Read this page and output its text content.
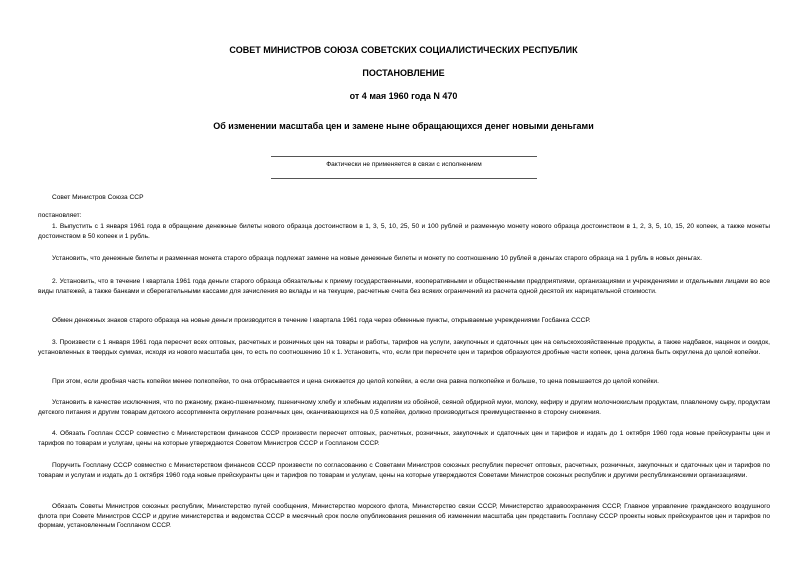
СОВЕТ МИНИСТРОВ СОЮЗА СОВЕТСКИХ СОЦИАЛИСТИЧЕСКИХ РЕСПУБЛИК
ПОСТАНОВЛЕНИЕ
от 4 мая 1960 года N 470
Об изменении масштаба цен и замене ныне обращающихся денег новыми деньгами
Фактически не применяется в связи с исполнением

Совет Министров Союза ССР

постановляет:

1. Выпустить с 1 января 1961 года в обращение денежные билеты нового образца достоинством в 1, 3, 5, 10, 25, 50 и 100 рублей и разменную монету нового образца достоинством в 1, 2, 3, 5, 10, 15, 20 копеек, а также монеты достоинством в 50 копеек и 1 рубль.

Установить, что денежные билеты и разменная монета старого образца подлежат замене на новые денежные билеты и монету по соотношению 10 рублей в деньгах старого образца на 1 рубль в новых деньгах.

2. Установить, что в течение I квартала 1961 года деньги старого образца обязательны к приему государственными, кооперативными и общественными предприятиями, организациями и учреждениями и отдельными лицами во все виды платежей, а также банками и сберегательными кассами для зачисления во вклады и на текущие, расчетные счета без всяких ограничений из расчета одной десятой их нарицательной стоимости.

Обмен денежных знаков старого образца на новые деньги производится в течение I квартала 1961 года через обменные пункты, открываемые учреждениями Госбанка СССР.

3. Произвести с 1 января 1961 года пересчет всех оптовых, расчетных и розничных цен на товары и работы, тарифов на услуги, закупочных и сдаточных цен на сельскохозяйственные продукты, а также надбавок, наценок и скидок, установленных в твердых суммах, исходя из нового масштаба цен, то есть по соотношению 10 к 1. Установить, что, если при пересчете цен и тарифов образуются дробные части копеек, цена должна быть округлена до целой копейки.

При этом, если дробная часть копейки менее полкопейки, то она отбрасывается и цена снижается до целой копейки, а если она равна полкопейке и больше, то цена повышается до целой копейки.

Установить в качестве исключения, что по ржаному, ржано-пшеничному, пшеничному хлебу и хлебным изделиям из обойной, сеяной обдирной муки, молоку, кефиру и другим молочнокислым продуктам, плавленому сыру, продуктам детского питания и другим товарам детского ассортимента округление розничных цен, оканчивающихся на 0,5 копейки, должно производиться преимущественно в сторону снижения.

4. Обязать Госплан СССР совместно с Министерством финансов СССР произвести пересчет оптовых, расчетных, розничных, закупочных и сдаточных цен и тарифов и издать до 1 октября 1960 года новые прейскуранты цен и тарифов по товарам и услугам, цены на которые утверждаются Советом Министров СССР и Госпланом СССР.

Поручить Госплану СССР совместно с Министерством финансов СССР произвести по согласованию с Советами Министров союзных республик пересчет оптовых, расчетных, розничных, закупочных и сдаточных цен и тарифов по товарам и услугам и издать до 1 октября 1960 года новые прейскуранты цен и тарифов по товарам и услугам, цены на которые утверждаются Советами Министров союзных республик и другими республиканскими организациями.

Обязать Советы Министров союзных республик, Министерство путей сообщения, Министерство морского флота, Министерство связи СССР, Министерство здравоохранения СССР, Главное управление гражданского воздушного флота при Совете Министров СССР и другие министерства и ведомства СССР в месячный срок после опубликования решения об изменении масштаба цен представить Госплану СССР проекты новых прейскурантов цен и тарифов по формам, установленным Госпланом СССР.
